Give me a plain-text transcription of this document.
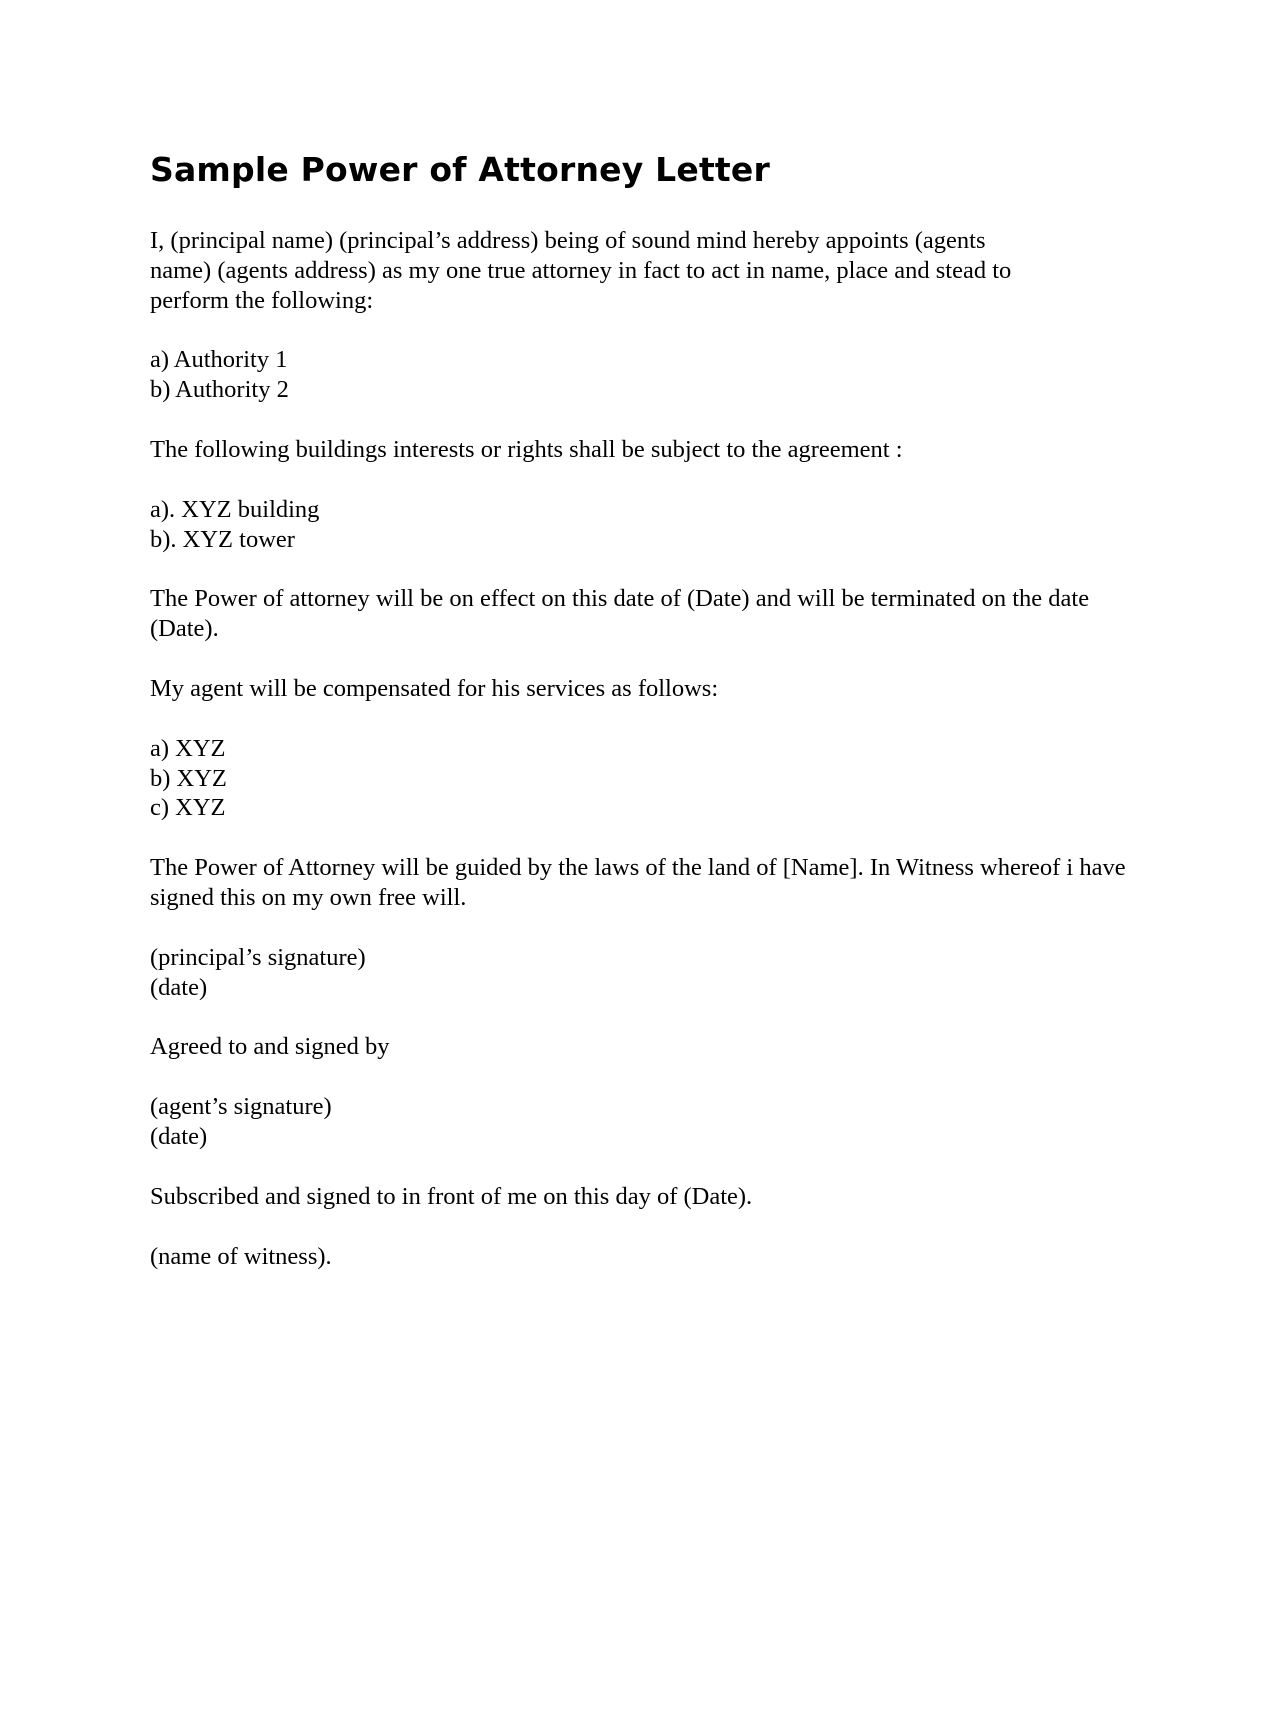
Sample Power of Attorney Letter

I, (principal name) (principal’s address) being of sound mind hereby appoints (agents name) (agents address) as my one true attorney in fact to act in name, place and stead to perform the following:

a) Authority 1
b) Authority 2

The following buildings interests or rights shall be subject to the agreement :

a). XYZ building
b). XYZ tower

The Power of attorney will be on effect on this date of (Date) and will be terminated on the date (Date).

My agent will be compensated for his services as follows:

a) XYZ
b) XYZ
c) XYZ

The Power of Attorney will be guided by the laws of the land of [Name]. In Witness whereof i have signed this on my own free will.

(principal’s signature)
(date)

Agreed to and signed by

(agent’s signature)
(date)

Subscribed and signed to in front of me on this day of (Date).

(name of witness).
